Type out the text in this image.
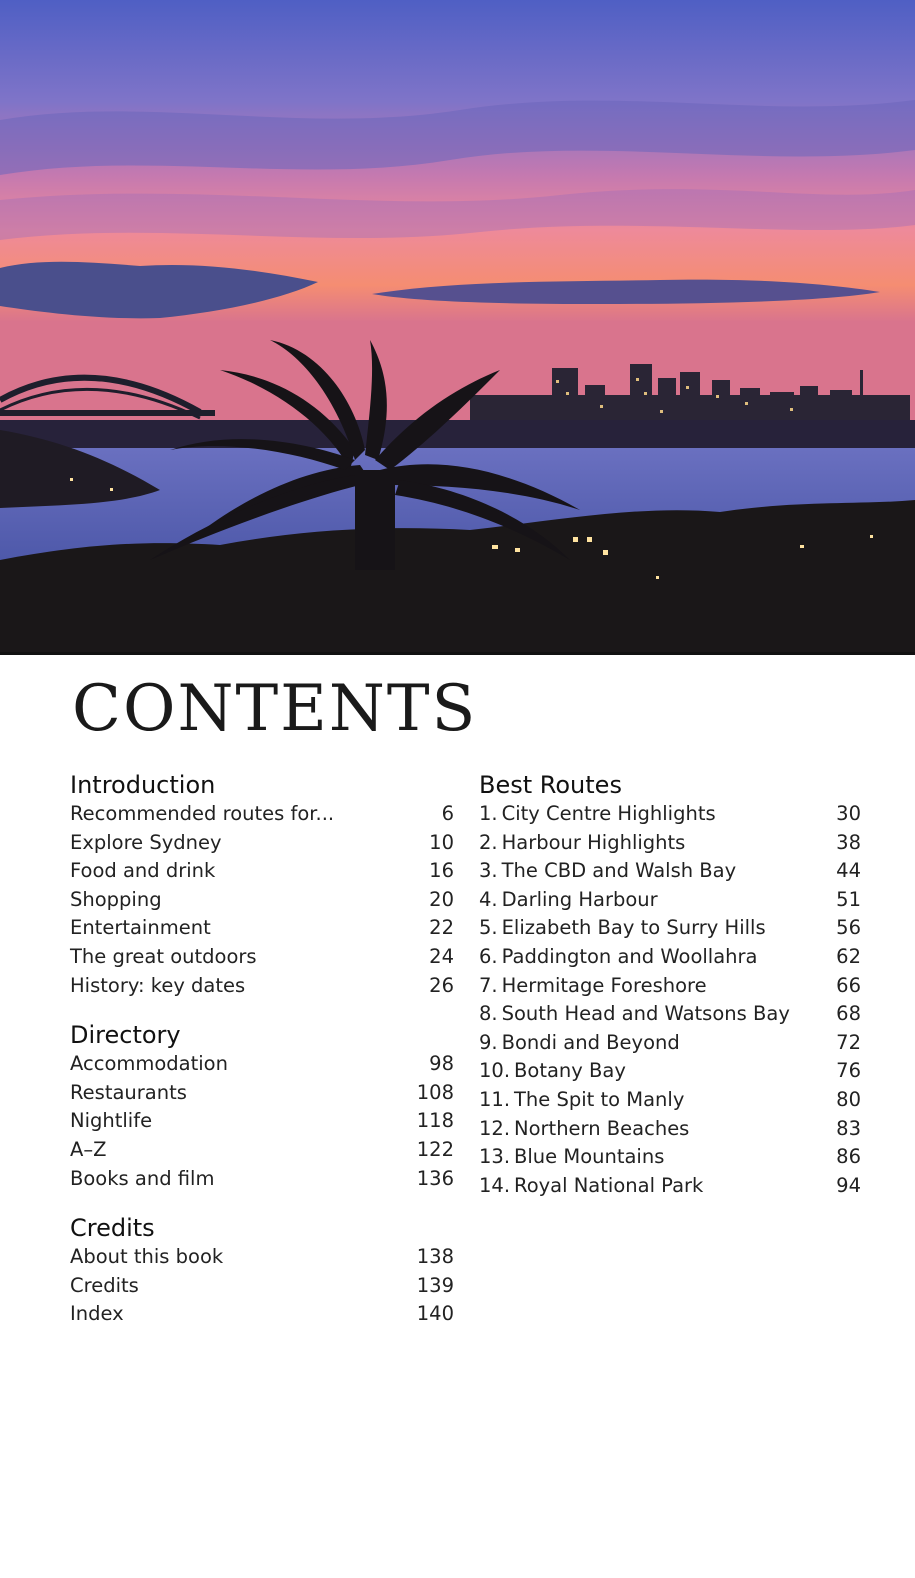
CONTENTS
Introduction
Recommended routes for...	6
Explore Sydney	10
Food and drink	16
Shopping	20
Entertainment	22
The great outdoors	24
History: key dates	26
Directory
Accommodation	98
Restaurants	108
Nightlife	118
A–Z	122
Books and film	136
Credits
About this book	138
Credits	139
Index	140
Best Routes
1. City Centre Highlights	30
2. Harbour Highlights	38
3. The CBD and Walsh Bay	44
4. Darling Harbour	51
5. Elizabeth Bay to Surry Hills	56
6. Paddington and Woollahra	62
7. Hermitage Foreshore	66
8. South Head and Watsons Bay 68
9. Bondi and Beyond	72
10. Botany Bay	76
11. The Spit to Manly	80
12. Northern Beaches	83
13. Blue Mountains	86
14. Royal National Park	94
